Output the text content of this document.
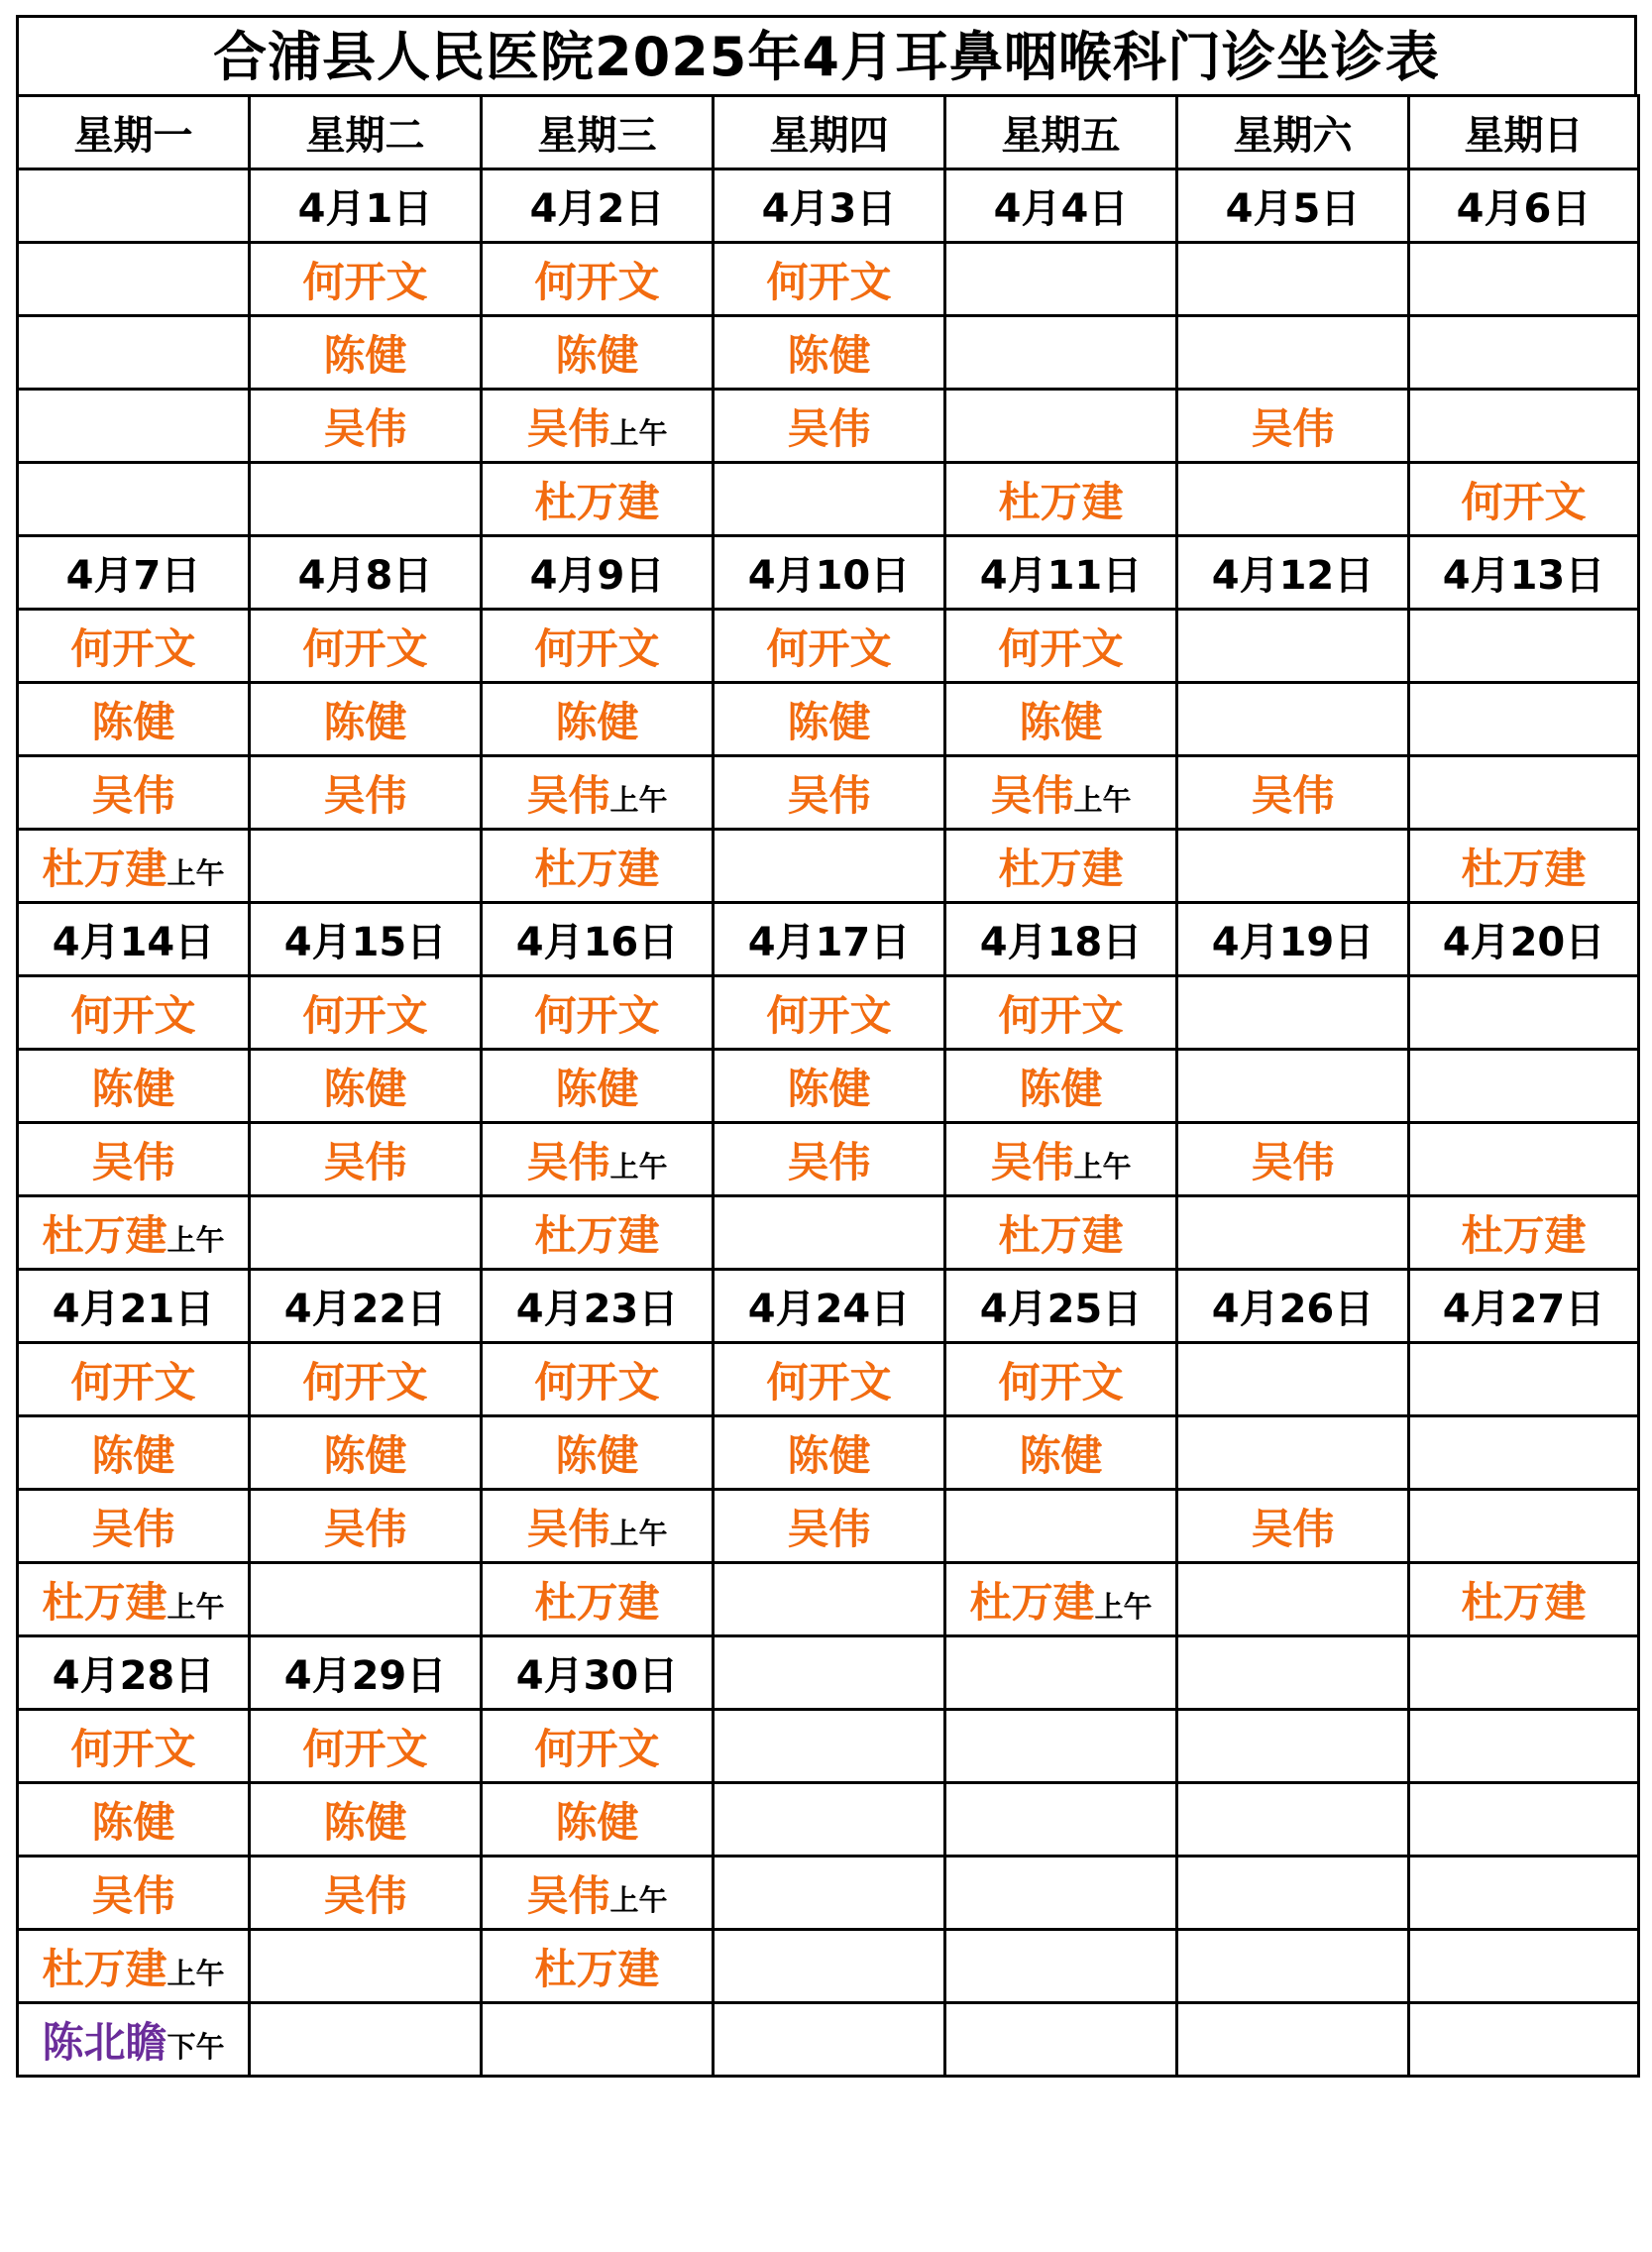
合浦县人民医院2025年4月耳鼻咽喉科门诊坐诊表
星期一	星期二	星期三	星期四	星期五	星期六	星期日
	4月1日	4月2日	4月3日	4月4日	4月5日	4月6日
	何开文	何开文	何开文			
	陈健	陈健	陈健			
	吴伟	吴伟上午	吴伟		吴伟	
		杜万建		杜万建		何开文
4月7日	4月8日	4月9日	4月10日	4月11日	4月12日	4月13日
何开文	何开文	何开文	何开文	何开文		
陈健	陈健	陈健	陈健	陈健		
吴伟	吴伟	吴伟上午	吴伟	吴伟上午	吴伟	
杜万建上午		杜万建		杜万建		杜万建
4月14日	4月15日	4月16日	4月17日	4月18日	4月19日	4月20日
何开文	何开文	何开文	何开文	何开文		
陈健	陈健	陈健	陈健	陈健		
吴伟	吴伟	吴伟上午	吴伟	吴伟上午	吴伟	
杜万建上午		杜万建		杜万建		杜万建
4月21日	4月22日	4月23日	4月24日	4月25日	4月26日	4月27日
何开文	何开文	何开文	何开文	何开文		
陈健	陈健	陈健	陈健	陈健		
吴伟	吴伟	吴伟上午	吴伟		吴伟	
杜万建上午		杜万建		杜万建上午		杜万建
4月28日	4月29日	4月30日				
何开文	何开文	何开文				
陈健	陈健	陈健				
吴伟	吴伟	吴伟上午				
杜万建上午		杜万建				
陈北瞻下午						
